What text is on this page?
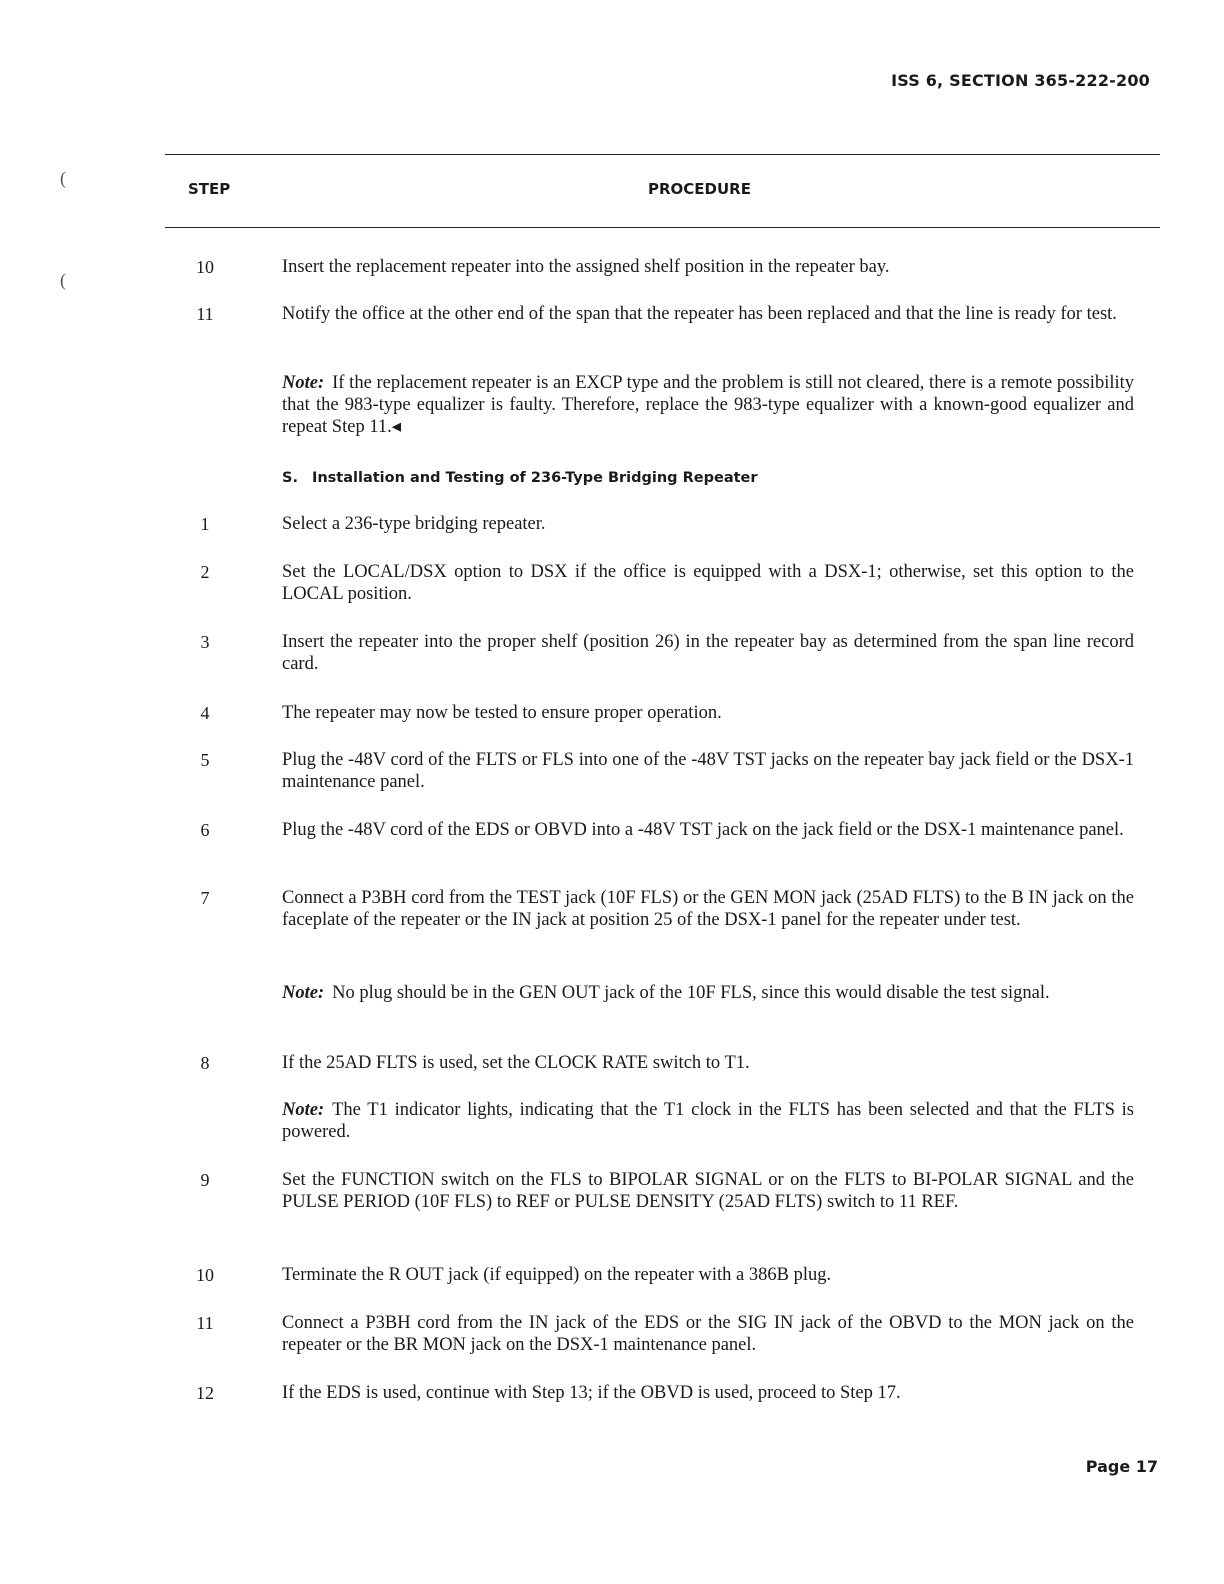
(
(
ISS 6, SECTION 365-222-200
STEP	PROCEDURE
10	Insert the replacement repeater into the assigned shelf position in the repeater bay.
11	Notify the office at the other end of the span that the repeater has been replaced and that the line is ready for test.
Note: If the replacement repeater is an EXCP type and the problem is still not cleared, there is a remote possibility that the 983-type equalizer is faulty. Therefore, replace the 983-type equalizer with a known-good equalizer and repeat Step 11.◂
S. Installation and Testing of 236-Type Bridging Repeater
1	Select a 236-type bridging repeater.
2	Set the LOCAL/DSX option to DSX if the office is equipped with a DSX-1; otherwise, set this option to the LOCAL position.
3	Insert the repeater into the proper shelf (position 26) in the repeater bay as determined from the span line record card.
4	The repeater may now be tested to ensure proper operation.
5	Plug the -48V cord of the FLTS or FLS into one of the -48V TST jacks on the repeater bay jack field or the DSX-1 maintenance panel.
6	Plug the -48V cord of the EDS or OBVD into a -48V TST jack on the jack field or the DSX-1 maintenance panel.
7	Connect a P3BH cord from the TEST jack (10F FLS) or the GEN MON jack (25AD FLTS) to the B IN jack on the faceplate of the repeater or the IN jack at position 25 of the DSX-1 panel for the repeater under test.
Note: No plug should be in the GEN OUT jack of the 10F FLS, since this would disable the test signal.
8	If the 25AD FLTS is used, set the CLOCK RATE switch to T1.
Note: The T1 indicator lights, indicating that the T1 clock in the FLTS has been selected and that the FLTS is powered.
9	Set the FUNCTION switch on the FLS to BIPOLAR SIGNAL or on the FLTS to BI-POLAR SIGNAL and the PULSE PERIOD (10F FLS) to REF or PULSE DENSITY (25AD FLTS) switch to 11 REF.
10	Terminate the R OUT jack (if equipped) on the repeater with a 386B plug.
11	Connect a P3BH cord from the IN jack of the EDS or the SIG IN jack of the OBVD to the MON jack on the repeater or the BR MON jack on the DSX-1 maintenance panel.
12	If the EDS is used, continue with Step 13; if the OBVD is used, proceed to Step 17.
Page 17
